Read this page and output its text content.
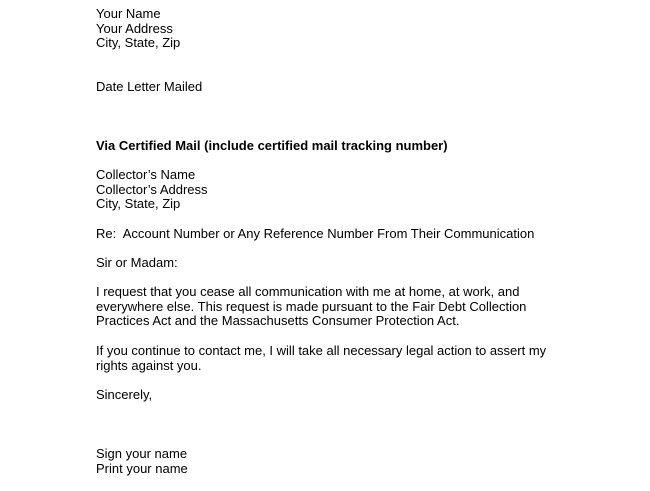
Your Name
Your Address
City, State, Zip
Date Letter Mailed
Via Certified Mail (include certified mail tracking number)
Collector’s Name
Collector’s Address
City, State, Zip
Re:  Account Number or Any Reference Number From Their Communication
Sir or Madam:
I request that you cease all communication with me at home, at work, and
everywhere else. This request is made pursuant to the Fair Debt Collection
Practices Act and the Massachusetts Consumer Protection Act.
If you continue to contact me, I will take all necessary legal action to assert my
rights against you.
Sincerely,
Sign your name
Print your name
